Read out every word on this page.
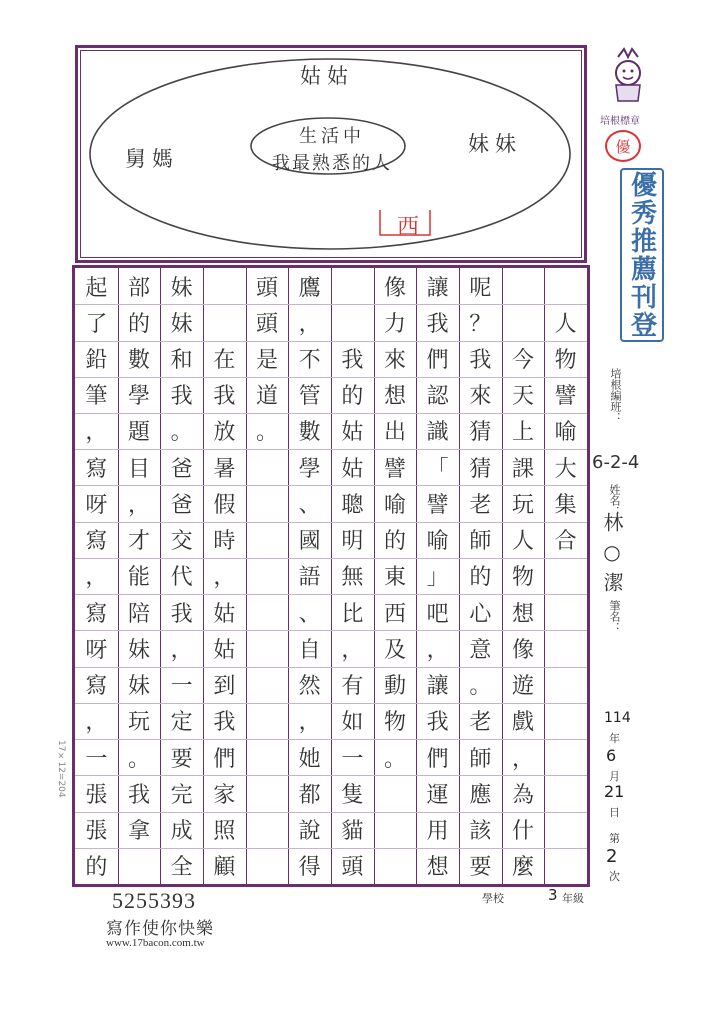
姑姑
舅媽
妹妹
生活中
我最熟悉的人
西
人
物
譬
喻
大
集
合
今
天
上
課
玩
人
物
想
像
遊
戲
，
為
什
麼
呢
？
我
來
猜
猜
老
師
的
心
意
。
老
師
應
該
要
讓
我
們
認
識
「
譬
喻
」
吧
，
讓
我
們
運
用
想
像
力
來
想
出
譬
喻
的
東
西
及
動
物
。
我
的
姑
姑
聰
明
無
比
，
有
如
一
隻
貓
頭
鷹
，
不
管
數
學
、
國
語
、
自
然
，
她
都
說
得
頭
頭
是
道
。
在
我
放
暑
假
時
，
姑
姑
到
我
們
家
照
顧
妹
妹
和
我
。
爸
爸
交
代
我
，
一
定
要
完
成
全
部
的
數
學
題
目
，
才
能
陪
妹
妹
玩
。
我
拿
起
了
鉛
筆
，
寫
呀
寫
，
寫
呀
寫
，
一
張
張
的
培根標章
優
優秀推薦刊登
培根編班：
6-2-4
姓名：
林○潔
筆名：
114
年
6
月
21
日
第
2
次
17×12=204
學校	3 年級
5255393
寫作使你快樂
www.17bacon.com.tw
